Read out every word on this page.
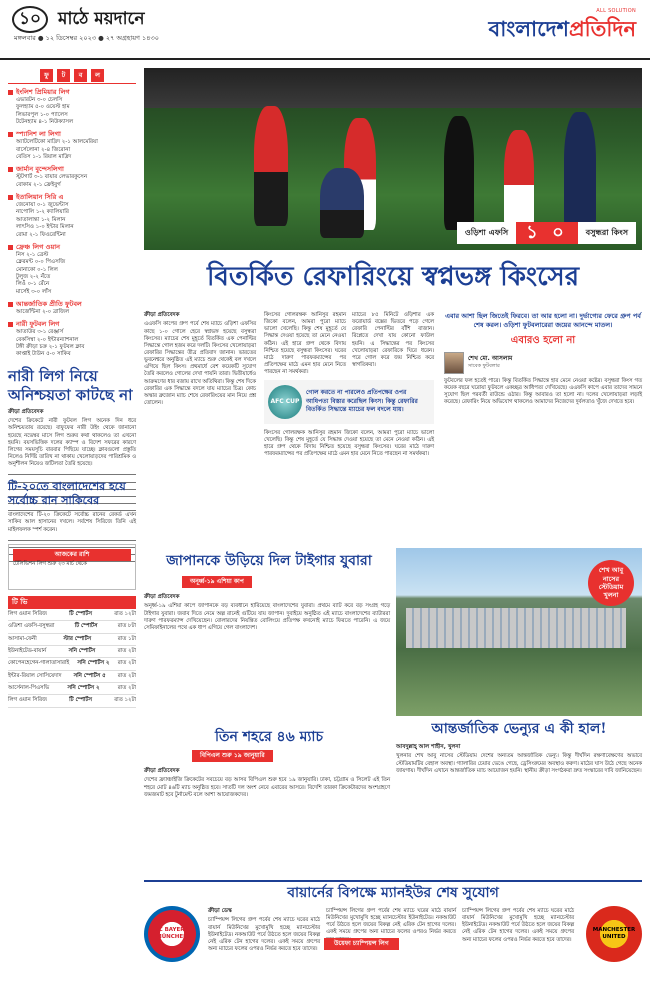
১০ মাঠে ময়দানে
মঙ্গলবার ● ১২ ডিসেম্বর ২০২৩ ● ২৭ অগ্রহায়ণ ১৪৩০
ALL SOLUTION
বাংলাদেশপ্রতিদিন
ফু	ট	ব	ল
ইংলিশ প্রিমিয়ার লিগ
এভারটন ৩-০ চেলসি
ফুলহ্যাম ৫-০ ওয়েস্ট হাম
লিভারপুল ১-০ প্যালেস
টটেনহ্যাম ৪-১ নিউক্যাসল
স্প্যানিশ লা লিগা
অ্যাটলেটিকো মাদ্রিদ ২-১ আলমেরিয়া
বার্সেলোনা ২-৪ জিরোনা
বেতিস ১-১ রিয়াল মাদ্রিদ
জার্মান বুন্দেসলিগা
স্টুটগার্ট ৩-১ বায়ার লেভারকুসেন
বোকাম ২-১ ফ্রেইবুর্গ
ইতালিয়ান সিরি এ
জেনোয়া ০-১ জুভেন্টাস
নাপোলি ১-২ ক্যালিয়ারি
আতালান্তা ১-২ মিলান
লাৎসিও ১-০ ইন্টার মিলান
রোমা ২-১ ফিওরেন্টিনা
ফ্রেঞ্চ লিগ ওয়ান
নিস ২-১ ব্রেস্ট
ক্লেরমন্ট ০-০ পিএসজি
মোনাকো ০-১ লিল
টুলুজ ২-২ নঁতে
লিওঁ ০-১ রেঁনে
মার্সেই ৩-০ লাঁস
আন্তর্জাতিক প্রীতি ফুটবল
আর্জেন্টিনা ২-০ ব্রাজিল
নারী ফুটবল লিগ
আতাউর ৩-১ রেঞ্জার্স
বেকসিম্বা ২-০ ইন্টারন্যাশনাল
টঙ্গী ক্রীড়া চক্র ২-১ ফুটবল ক্লাব
কাপ্তাই টাউন ৫-০ সাকিব
নারী লিগ নিয়ে অনিশ্চয়তা কাটছে না
ক্রীড়া প্রতিবেদক
দেশের ক্রিকেটে নারী ফুটবল লিগ অনেক দিন ধরে অনিশ্চয়তায় রয়েছে। বাফুফের নারী উইং থেকে জানানো হয়েছে নভেম্বর মাসে লিগ শুরুর কথা থাকলেও তা এখনো হয়নি। বয়সভিত্তিক দলের ক্যাম্প ও বিদেশ সফরের কারণে লিগের সময়সূচি বারবার পিছিয়ে যাচ্ছে। ক্লাবগুলো প্রস্তুতি নিলেও নির্দিষ্ট তারিখ না থাকায় খেলোয়াড়দের পারিশ্রমিক ও অনুশীলন নিয়েও জটিলতা তৈরি হয়েছে।
টি-২০তে বাংলাদেশের হয়ে সর্বোচ্চ রান সাকিবের
বাংলাদেশের টি-২০ ক্রিকেটে সর্বোচ্চ রানের রেকর্ড এখন সাকিব আল হাসানের দখলে। সর্বশেষ সিরিজে তিনি এই মাইলফলক স্পর্শ করেন।
আজকের রাশি
টেলিভিশন লিগ শুরু ২৩ মার্চ থেকে
টি ভি
লিগ ওয়ান সিরিজ	টি স্পোর্টস	রাত ১২টা
ওডিশা এফসি-বসুন্ধরা	টি স্পোর্টস	রাত ৮টা
আসামা-ফেনী	স্টার স্পোর্টস	রাত ১টা
ইউনাইটেড-বায়ার্ন	সনি স্পোর্টস	রাত ২টা
কোপেনহেগেন-গালাতাসারাই সনি স্পোর্টস ২ রাত ২টা
ইন্টার-রিয়াল সোসিয়েদাদ সনি স্পোর্টস ৫ রাত ২টা
আর্সেনাল-পিএসভি	সনি স্পোর্টস ২	রাত ২টা
লিগ ওয়ান সিরিজ	টি স্পোর্টস	রাত ১২টা
ওড়িশা এফসি	১ ০	বসুন্ধরা কিংস
বিতর্কিত রেফারিংয়ে স্বপ্নভঙ্গ কিংসের
ক্রীড়া প্রতিবেদক
এএফসি কাপের গ্রুপ পর্বে শেষ ম্যাচে ওড়িশা এফসির কাছে ১-০ গোলে হেরে স্বপ্নভঙ্গ হয়েছে বসুন্ধরা কিংসের। ম্যাচের শেষ মুহূর্তে বিতর্কিত এক পেনাল্টির সিদ্ধান্তে গোল হজম করে দলটি। কিংসের খেলোয়াড়রা রেফারির সিদ্ধান্তের তীব্র প্রতিবাদ জানান। ভারতের ভুবনেশ্বরে অনুষ্ঠিত এই ম্যাচে শুরু থেকেই বল দখলে এগিয়ে ছিল কিংস। প্রথমার্ধে বেশ কয়েকটি সুযোগ তৈরি করলেও গোলের দেখা পায়নি তারা। দ্বিতীয়ার্ধেও আক্রমণের ধার বজায় রাখে অতিথিরা। কিন্তু শেষ দিকে রেফারির এক সিদ্ধান্তে বদলে যায় ম্যাচের চিত্র। কোচ অস্কার ব্রুজোন ম্যাচ শেষে রেফারিংয়ের মান নিয়ে প্রশ্ন তোলেন।
কিংসের গোলরক্ষক আনিসুর রহমান জিকো বলেন, আমরা পুরো ম্যাচে ভালো খেলেছি। কিন্তু শেষ মুহূর্তে যে সিদ্ধান্ত দেওয়া হয়েছে তা মেনে নেওয়া কঠিন। এই হারে গ্রুপ থেকে বিদায় নিশ্চিত হয়েছে বসুন্ধরা কিংসের। ঘরের মাঠে দারুণ পারফরম্যান্সের পর প্রতিপক্ষের মাঠে এমন হার মেনে নিতে পারছেন না সমর্থকরা।
ম্যাচের ৮৫ মিনিটে ওড়িশার এক ফরোয়ার্ড বক্সের ভিতরে পড়ে গেলে রেফারি পেনাল্টির বাঁশি বাজান। রিপ্লেতে দেখা যায় কোনো ফাউল হয়নি। এ সিদ্ধান্তের পর কিংসের খেলোয়াড়রা রেফারিকে ঘিরে ধরেন। পরে গোল করে জয় নিশ্চিত করে স্বাগতিকরা।
AFC CUP
গোল করতে না পারলেও প্রতিপক্ষের ওপর আধিপত্য বিস্তার করেছিল কিংস। কিন্তু রেফারির বিতর্কিত সিদ্ধান্তে ম্যাচের ফল বদলে যায়।
কিংসের গোলরক্ষক আনিসুর রহমান জিকো বলেন, আমরা পুরো ম্যাচে ভালো খেলেছি। কিন্তু শেষ মুহূর্তে যে সিদ্ধান্ত দেওয়া হয়েছে তা মেনে নেওয়া কঠিন। এই হারে গ্রুপ থেকে বিদায় নিশ্চিত হয়েছে বসুন্ধরা কিংসের। ঘরের মাঠে দারুণ পারফরম্যান্সের পর প্রতিপক্ষের মাঠে এমন হার মেনে নিতে পারছেন না সমর্থকরা।
এবার আশা ছিল জিতেই ফিরবে। তা আর হলো না। দুর্ভাগ্যের ফেরে গ্রুপ পর্ব শেষ করল। ওড়িশা ফুটবলারেরা জয়ের আনন্দে মাতল।
এবারও হলো না
শেখ মো. আসলাম
সাবেক ফুটবলার
ফুটবলের ফল হতেই পারে। কিন্তু বিতর্কিত সিদ্ধান্তে হার মেনে নেওয়া কষ্টের। বসুন্ধরা কিংস গত কয়েক বছরে ঘরোয়া ফুটবলে একচ্ছত্র আধিপত্য দেখিয়েছে। এএফসি কাপে এবার তাদের সামনে সুযোগ ছিল পরবর্তী রাউন্ডে ওঠার। কিন্তু আবারও তা হলো না। দলের খেলোয়াড়রা লড়াই করেছে। রেফারিং নিয়ে অভিযোগ থাকলেও আমাদের নিজেদের দুর্বলতাও খুঁজে দেখতে হবে।
জাপানকে উড়িয়ে দিল টাইগার যুবারা
অনূর্ধ্ব-১৯ এশিয়া কাপ
ক্রীড়া প্রতিবেদক
অনূর্ধ্ব-১৯ এশিয়া কাপে জাপানকে বড় ব্যবধানে হারিয়েছে বাংলাদেশের যুবারা। প্রথমে ব্যাট করে বড় সংগ্রহ গড়ে টাইগার যুবারা। জবাব দিতে নেমে অল্প রানেই গুটিয়ে যায় জাপান। দুবাইয়ে অনুষ্ঠিত এই ম্যাচে বাংলাদেশের ব্যাটাররা দারুণ পারফরম্যান্স দেখিয়েছেন। বোলারদের নিয়ন্ত্রিত বোলিংয়ে প্রতিপক্ষ কখনোই ম্যাচে ফিরতে পারেনি। এ জয়ে সেমিফাইনালের পথে এক ধাপ এগিয়ে গেল বাংলাদেশ।
শেখ আবু নাসের স্টেডিয়াম খুলনা
আন্তর্জাতিক ভেন্যুর এ কী হাল!
আবদুল্লাহ্‌ আল শাহীন, খুলনা
খুলনার শেখ আবু নাসের স্টেডিয়াম দেশের অন্যতম আন্তর্জাতিক ভেন্যু। কিন্তু দীর্ঘদিন রক্ষণাবেক্ষণের অভাবে স্টেডিয়ামটির বেহাল অবস্থা। গ্যালারির চেয়ার ভেঙে গেছে, ড্রেসিংরুমের অবস্থাও করুণ। মাঠের ঘাস উঠে গেছে অনেক জায়গায়। দীর্ঘদিন এখানে আন্তর্জাতিক ম্যাচ আয়োজন হয়নি। স্থানীয় ক্রীড়া সংগঠকরা দ্রুত সংস্কারের দাবি জানিয়েছেন।
তিন শহরে ৪৬ ম্যাচ
বিপিএল শুরু ১৯ জানুয়ারি
ক্রীড়া প্রতিবেদক
দেশের ফ্র্যাঞ্চাইজি ক্রিকেটের সবচেয়ে বড় আসর বিপিএল শুরু হবে ১৯ জানুয়ারি। ঢাকা, চট্টগ্রাম ও সিলেট এই তিন শহরে মোট ৪৬টি ম্যাচ অনুষ্ঠিত হবে। সাতটি দল অংশ নেবে এবারের আসরে। বিদেশি তারকা ক্রিকেটারদের অংশগ্রহণে জমজমাট হবে টুর্নামেন্ট বলে আশা আয়োজকদের।
বায়ার্নের বিপক্ষে ম্যানইউর শেষ সুযোগ
FC BAYERN MÜNCHEN
ক্রীড়া ডেস্ক
চ্যাম্পিয়ন্স লিগের গ্রুপ পর্বের শেষ ম্যাচে ঘরের মাঠে বায়ার্ন মিউনিখের মুখোমুখি হচ্ছে ম্যানচেস্টার ইউনাইটেড। নকআউট পর্বে উঠতে হলে জয়ের বিকল্প নেই এরিক টেন হাগের দলের। একই সময়ে গ্রুপের অন্য ম্যাচের ফলের ওপরও নির্ভর করতে হবে তাদের।
চ্যাম্পিয়ন্স লিগের গ্রুপ পর্বের শেষ ম্যাচে ঘরের মাঠে বায়ার্ন মিউনিখের মুখোমুখি হচ্ছে ম্যানচেস্টার ইউনাইটেড। নকআউট পর্বে উঠতে হলে জয়ের বিকল্প নেই এরিক টেন হাগের দলের। একই সময়ে গ্রুপের অন্য ম্যাচের ফলের ওপরও নির্ভর করতে
উয়েফা চ্যাম্পিয়ন্স লিগ
চ্যাম্পিয়ন্স লিগের গ্রুপ পর্বের শেষ ম্যাচে ঘরের মাঠে বায়ার্ন মিউনিখের মুখোমুখি হচ্ছে ম্যানচেস্টার ইউনাইটেড। নকআউট পর্বে উঠতে হলে জয়ের বিকল্প নেই এরিক টেন হাগের দলের। একই সময়ে গ্রুপের অন্য ম্যাচের ফলের ওপরও নির্ভর করতে হবে তাদের।
MANCHESTER UNITED
